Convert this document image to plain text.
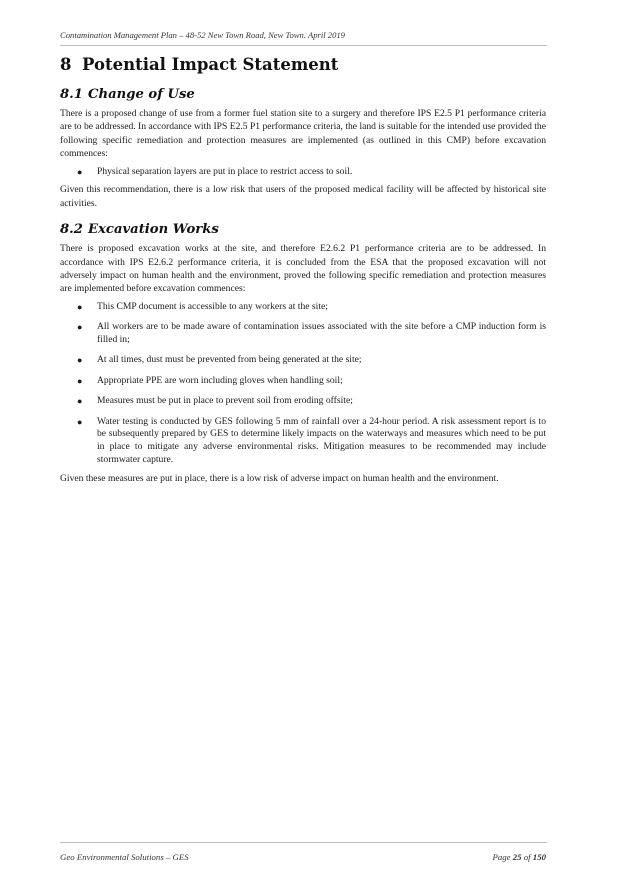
Contamination Management Plan – 48-52 New Town Road, New Town. April 2019
8 Potential Impact Statement
8.1 Change of Use

There is a proposed change of use from a former fuel station site to a surgery and therefore IPS E2.5 P1 performance criteria are to be addressed. In accordance with IPS E2.5 P1 performance criteria, the land is suitable for the intended use provided the following specific remediation and protection measures are implemented (as outlined in this CMP) before excavation commences:

● Physical separation layers are put in place to restrict access to soil.

Given this recommendation, there is a low risk that users of the proposed medical facility will be affected by historical site activities.

8.2 Excavation Works

There is proposed excavation works at the site, and therefore E2.6.2 P1 performance criteria are to be addressed. In accordance with IPS E2.6.2 performance criteria, it is concluded from the ESA that the proposed excavation will not adversely impact on human health and the environment, proved the following specific remediation and protection measures are implemented before excavation commences:

● This CMP document is accessible to any workers at the site;
● All workers are to be made aware of contamination issues associated with the site before a CMP induction form is filled in;
● At all times, dust must be prevented from being generated at the site;
● Appropriate PPE are worn including gloves when handling soil;
● Measures must be put in place to prevent soil from eroding offsite;
● Water testing is conducted by GES following 5 mm of rainfall over a 24-hour period. A risk assessment report is to be subsequently prepared by GES to determine likely impacts on the waterways and measures which need to be put in place to mitigate any adverse environmental risks. Mitigation measures to be recommended may include stormwater capture.

Given these measures are put in place, there is a low risk of adverse impact on human health and the environment.

Geo Environmental Solutions – GES	Page 25 of 150
